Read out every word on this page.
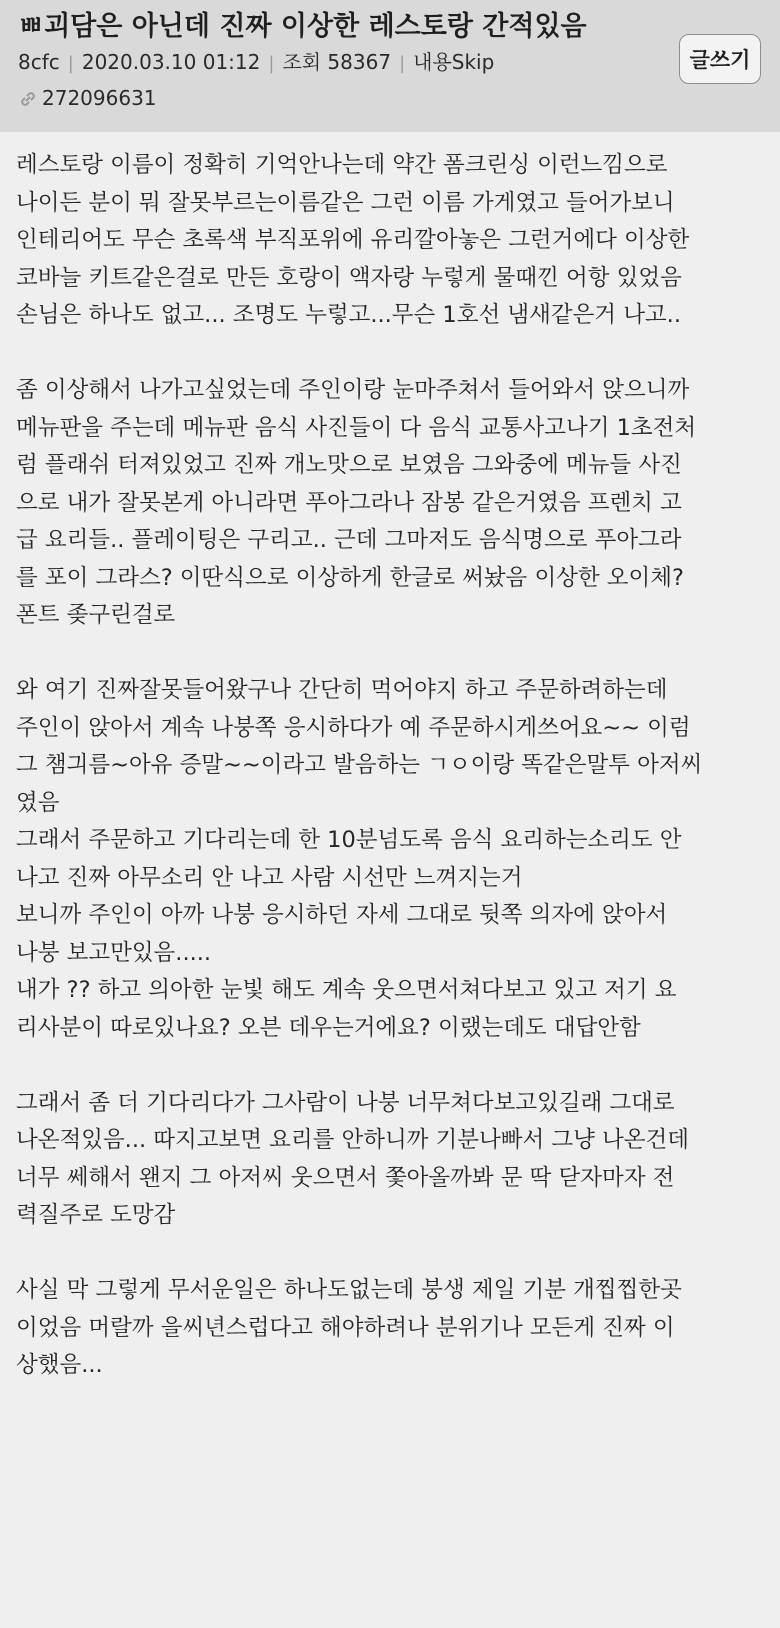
ㅃ괴담은 아닌데 진짜 이상한 레스토랑 간적있음
8cfc | 2020.03.10 01:12 | 조회 58367 | 내용Skip
272096631
글쓰기
레스토랑 이름이 정확히 기억안나는데 약간 폼크린싱 이런느낌으로
나이든 분이 뭐 잘못부르는이름같은 그런 이름 가게였고 들어가보니
인테리어도 무슨 초록색 부직포위에 유리깔아놓은 그런거에다 이상한
코바늘 키트같은걸로 만든 호랑이 액자랑 누렇게 물때낀 어항 있었음
손님은 하나도 없고... 조명도 누렇고...무슨 1호선 냄새같은거 나고..
좀 이상해서 나가고싶었는데 주인이랑 눈마주쳐서 들어와서 앉으니까
메뉴판을 주는데 메뉴판 음식 사진들이 다 음식 교통사고나기 1초전처
럼 플래쉬 터져있었고 진짜 개노맛으로 보였음 그와중에 메뉴들 사진
으로 내가 잘못본게 아니라면 푸아그라나 잠봉 같은거였음 프렌치 고
급 요리들.. 플레이팅은 구리고.. 근데 그마저도 음식명으로 푸아그라
를 포이 그라스? 이딴식으로 이상하게 한글로 써놨음 이상한 오이체?
폰트 좆구린걸로
와 여기 진짜잘못들어왔구나 간단히 먹어야지 하고 주문하려하는데
주인이 앉아서 계속 나붕쪽 응시하다가 예 주문하시게쓰어요~~ 이럼
그 챔긔름~아유 증말~~이라고 발음하는 ㄱㅇ이랑 똑같은말투 아저씨
였음
그래서 주문하고 기다리는데 한 10분넘도록 음식 요리하는소리도 안
나고 진짜 아무소리 안 나고 사람 시선만 느껴지는거
보니까 주인이 아까 나붕 응시하던 자세 그대로 뒷쪽 의자에 앉아서
나붕 보고만있음.....
내가 ?? 하고 의아한 눈빛 해도 계속 웃으면서쳐다보고 있고 저기 요
리사분이 따로있나요? 오븐 데우는거에요? 이랬는데도 대답안함
그래서 좀 더 기다리다가 그사람이 나붕 너무쳐다보고있길래 그대로
나온적있음... 따지고보면 요리를 안하니까 기분나빠서 그냥 나온건데
너무 쎄해서 왠지 그 아저씨 웃으면서 쫓아올까봐 문 딱 닫자마자 전
력질주로 도망감
사실 막 그렇게 무서운일은 하나도없는데 붕생 제일 기분 개찝찝한곳
이었음 머랄까 을씨년스럽다고 해야하려나 분위기나 모든게 진짜 이
상했음...
